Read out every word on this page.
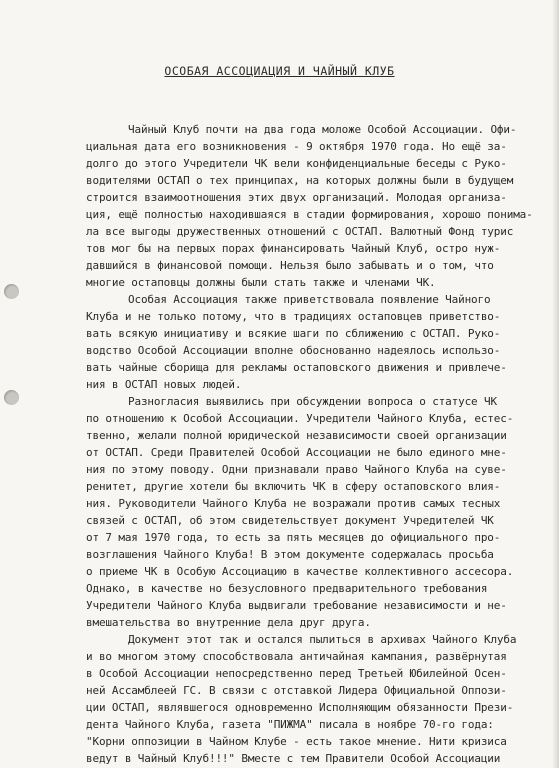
ОСОБАЯ АССОЦИАЦИЯ И ЧАЙНЫЙ КЛУБ
Чайный Клуб почти на два года моложе Особой Ассоциации. Офи-
циальная дата его возникновения - 9 октября 1970 года. Но ещё за-
долго до этого Учредители ЧК вели конфиденциальные беседы с Руко-
водителями ОСТАП о тех принципах, на которых должны были в будущем
строится взаимоотношения этих двух организаций. Молодая организа-
ция, ещё полностью находившаяся в стадии формирования, хорошо понима-
ла все выгоды дружественных отношений с ОСТАП. Валютный Фонд турис
тов мог бы на первых порах финансировать Чайный Клуб, остро нуж-
давшийся в финансовой помощи. Нельзя было забывать и о том, что
многие остаповцы должны были стать также и членами ЧК.
Особая Ассоциация также приветствовала появление Чайного
Клуба и не только потому, что в традициях остаповцев приветство-
вать всякую инициативу и всякие шаги по сближению с ОСТАП. Руко-
водство Особой Ассоциации вполне обоснованно надеялось использо-
вать чайные сборища для рекламы остаповского движения и привлече-
ния в ОСТАП новых людей.
Разногласия выявились при обсуждении вопроса о статусе ЧК
по отношению к Особой Ассоциации. Учредители Чайного Клуба, естес-
твенно, желали полной юридической независимости своей организации
от ОСТАП. Среди Правителей Особой Ассоциации не было единого мне-
ния по этому поводу. Одни признавали право Чайного Клуба на суве-
ренитет, другие хотели бы включить ЧК в сферу остаповского влия-
ния. Руководители Чайного Клуба не возражали против самых тесных
связей с ОСТАП, об этом свидетельствует документ Учредителей ЧК
от 7 мая 1970 года, то есть за пять месяцев до официального про-
возглашения Чайного Клуба! В этом документе содержалась просьба
о приеме ЧК в Особую Ассоциацию в качестве коллективного ассесора.
Однако, в качестве но безусловного предварительного требования
Учредители Чайного Клуба выдвигали требование независимости и не-
вмешательства во внутренние дела друг друга.
Документ этот так и остался пылиться в архивах Чайного Клуба
и во многом этому способствовала античайная кампания, развёрнутая
в Особой Ассоциации непосредственно перед Третьей Юбилейной Осен-
ней Ассамблеей ГС. В связи с отставкой Лидера Официальной Оппози-
ции ОСТАП, являвшегося одновременно Исполняющим обязанности Прези-
дента Чайного Клуба, газета "ПИЖМА" писала в ноябре 70-го года:
"Корни оппозиции в Чайном Клубе - есть такое мнение. Нити кризиса
ведут в Чайный Клуб!!!" Вместе с тем Правители Особой Ассоциации
